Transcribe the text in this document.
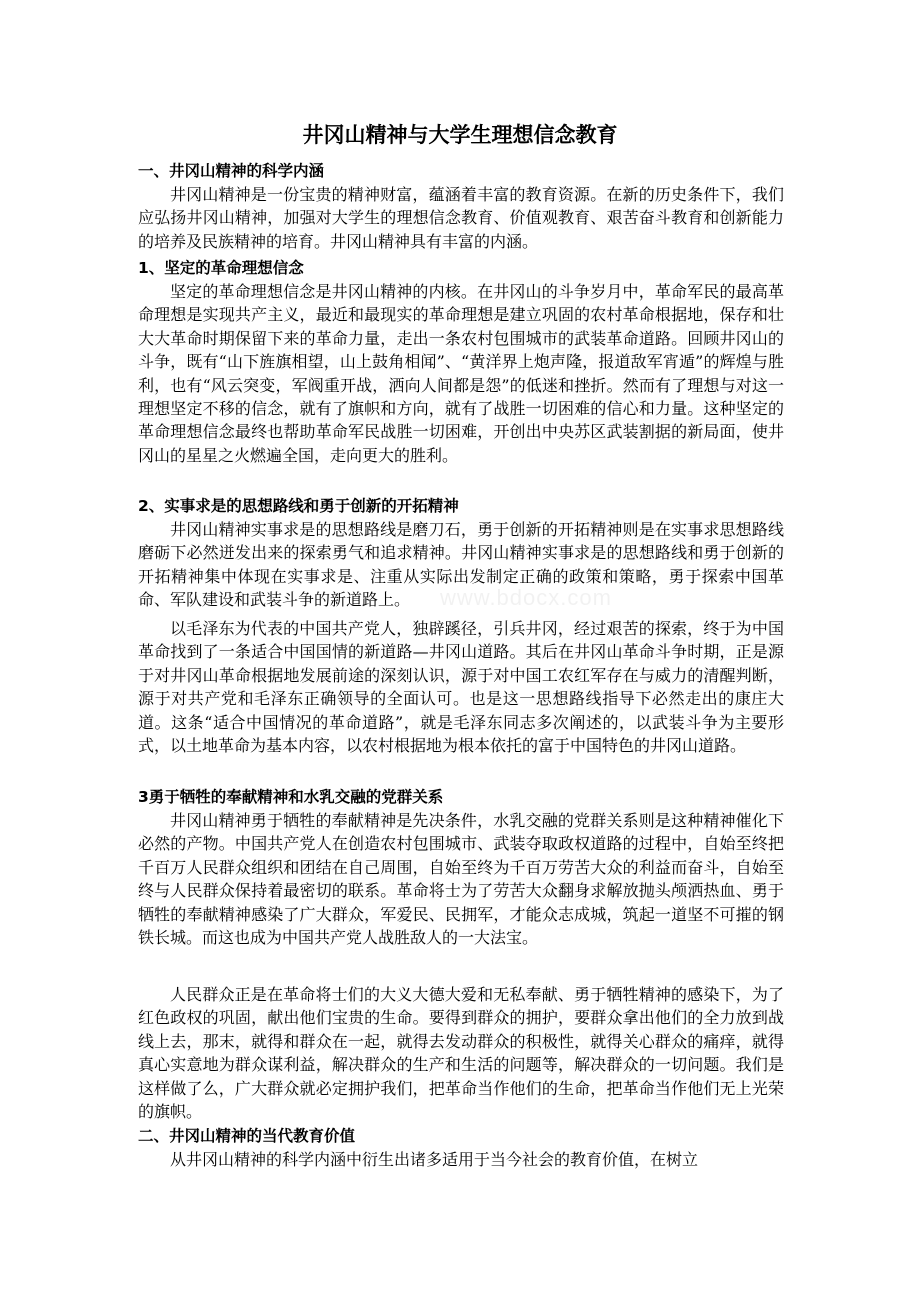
www.bdocx.com
井冈山精神与大学生理想信念教育
一、井冈山精神的科学内涵
井冈山精神是一份宝贵的精神财富，蕴涵着丰富的教育资源。在新的历史条件下，我们应弘扬井冈山精神，加强对大学生的理想信念教育、价值观教育、艰苦奋斗教育和创新能力的培养及民族精神的培育。井冈山精神具有丰富的内涵。
1、坚定的革命理想信念
坚定的革命理想信念是井冈山精神的内核。在井冈山的斗争岁月中，革命军民的最高革命理想是实现共产主义，最近和最现实的革命理想是建立巩固的农村革命根据地，保存和壮大大革命时期保留下来的革命力量，走出一条农村包围城市的武装革命道路。回顾井冈山的斗争，既有“山下旌旗相望，山上鼓角相闻”、“黄洋界上炮声隆，报道敌军宵遁”的辉煌与胜利，也有“风云突变，军阀重开战，洒向人间都是怨”的低迷和挫折。然而有了理想与对这一理想坚定不移的信念，就有了旗帜和方向，就有了战胜一切困难的信心和力量。这种坚定的革命理想信念最终也帮助革命军民战胜一切困难，开创出中央苏区武装割据的新局面，使井冈山的星星之火燃遍全国，走向更大的胜利。
2、实事求是的思想路线和勇于创新的开拓精神
井冈山精神实事求是的思想路线是磨刀石，勇于创新的开拓精神则是在实事求思想路线磨砺下必然迸发出来的探索勇气和追求精神。井冈山精神实事求是的思想路线和勇于创新的开拓精神集中体现在实事求是、注重从实际出发制定正确的政策和策略，勇于探索中国革命、军队建设和武装斗争的新道路上。
以毛泽东为代表的中国共产党人，独辟蹊径，引兵井冈，经过艰苦的探索，终于为中国革命找到了一条适合中国国情的新道路—井冈山道路。其后在井冈山革命斗争时期，正是源于对井冈山革命根据地发展前途的深刻认识，源于对中国工农红军存在与威力的清醒判断，源于对共产党和毛泽东正确领导的全面认可。也是这一思想路线指导下必然走出的康庄大道。这条“适合中国情况的革命道路”，就是毛泽东同志多次阐述的，以武装斗争为主要形式，以土地革命为基本内容，以农村根据地为根本依托的富于中国特色的井冈山道路。
3勇于牺牲的奉献精神和水乳交融的党群关系
井冈山精神勇于牺牲的奉献精神是先决条件，水乳交融的党群关系则是这种精神催化下必然的产物。中国共产党人在创造农村包围城市、武装夺取政权道路的过程中，自始至终把千百万人民群众组织和团结在自己周围，自始至终为千百万劳苦大众的利益而奋斗，自始至终与人民群众保持着最密切的联系。革命将士为了劳苦大众翻身求解放抛头颅洒热血、勇于牺牲的奉献精神感染了广大群众，军爱民、民拥军，才能众志成城，筑起一道坚不可摧的钢铁长城。而这也成为中国共产党人战胜敌人的一大法宝。
人民群众正是在革命将士们的大义大德大爱和无私奉献、勇于牺牲精神的感染下，为了红色政权的巩固，献出他们宝贵的生命。要得到群众的拥护，要群众拿出他们的全力放到战线上去，那末，就得和群众在一起，就得去发动群众的积极性，就得关心群众的痛痒，就得真心实意地为群众谋利益，解决群众的生产和生活的问题等，解决群众的一切问题。我们是这样做了么，广大群众就必定拥护我们，把革命当作他们的生命，把革命当作他们无上光荣的旗帜。
二、井冈山精神的当代教育价值
从井冈山精神的科学内涵中衍生出诸多适用于当今社会的教育价值，在树立
